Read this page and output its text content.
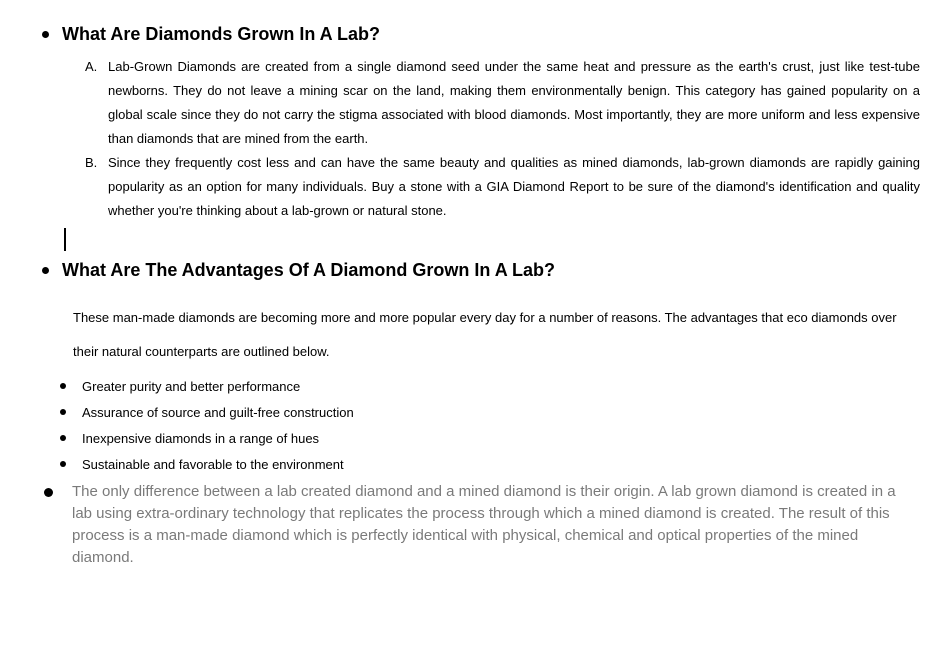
What Are Diamonds Grown In A Lab?
A. Lab-Grown Diamonds are created from a single diamond seed under the same heat and pressure as the earth's crust, just like test-tube newborns. They do not leave a mining scar on the land, making them environmentally benign. This category has gained popularity on a global scale since they do not carry the stigma associated with blood diamonds. Most importantly, they are more uniform and less expensive than diamonds that are mined from the earth.
B. Since they frequently cost less and can have the same beauty and qualities as mined diamonds, lab-grown diamonds are rapidly gaining popularity as an option for many individuals. Buy a stone with a GIA Diamond Report to be sure of the diamond's identification and quality whether you're thinking about a lab-grown or natural stone.
What Are The Advantages Of A Diamond Grown In A Lab?
These man-made diamonds are becoming more and more popular every day for a number of reasons. The advantages that eco diamonds over their natural counterparts are outlined below.
Greater purity and better performance
Assurance of source and guilt-free construction
Inexpensive diamonds in a range of hues
Sustainable and favorable to the environment
The only difference between a lab created diamond and a mined diamond is their origin. A lab grown diamond is created in a lab using extra-ordinary technology that replicates the process through which a mined diamond is created. The result of this process is a man-made diamond which is perfectly identical with physical, chemical and optical properties of the mined diamond.
